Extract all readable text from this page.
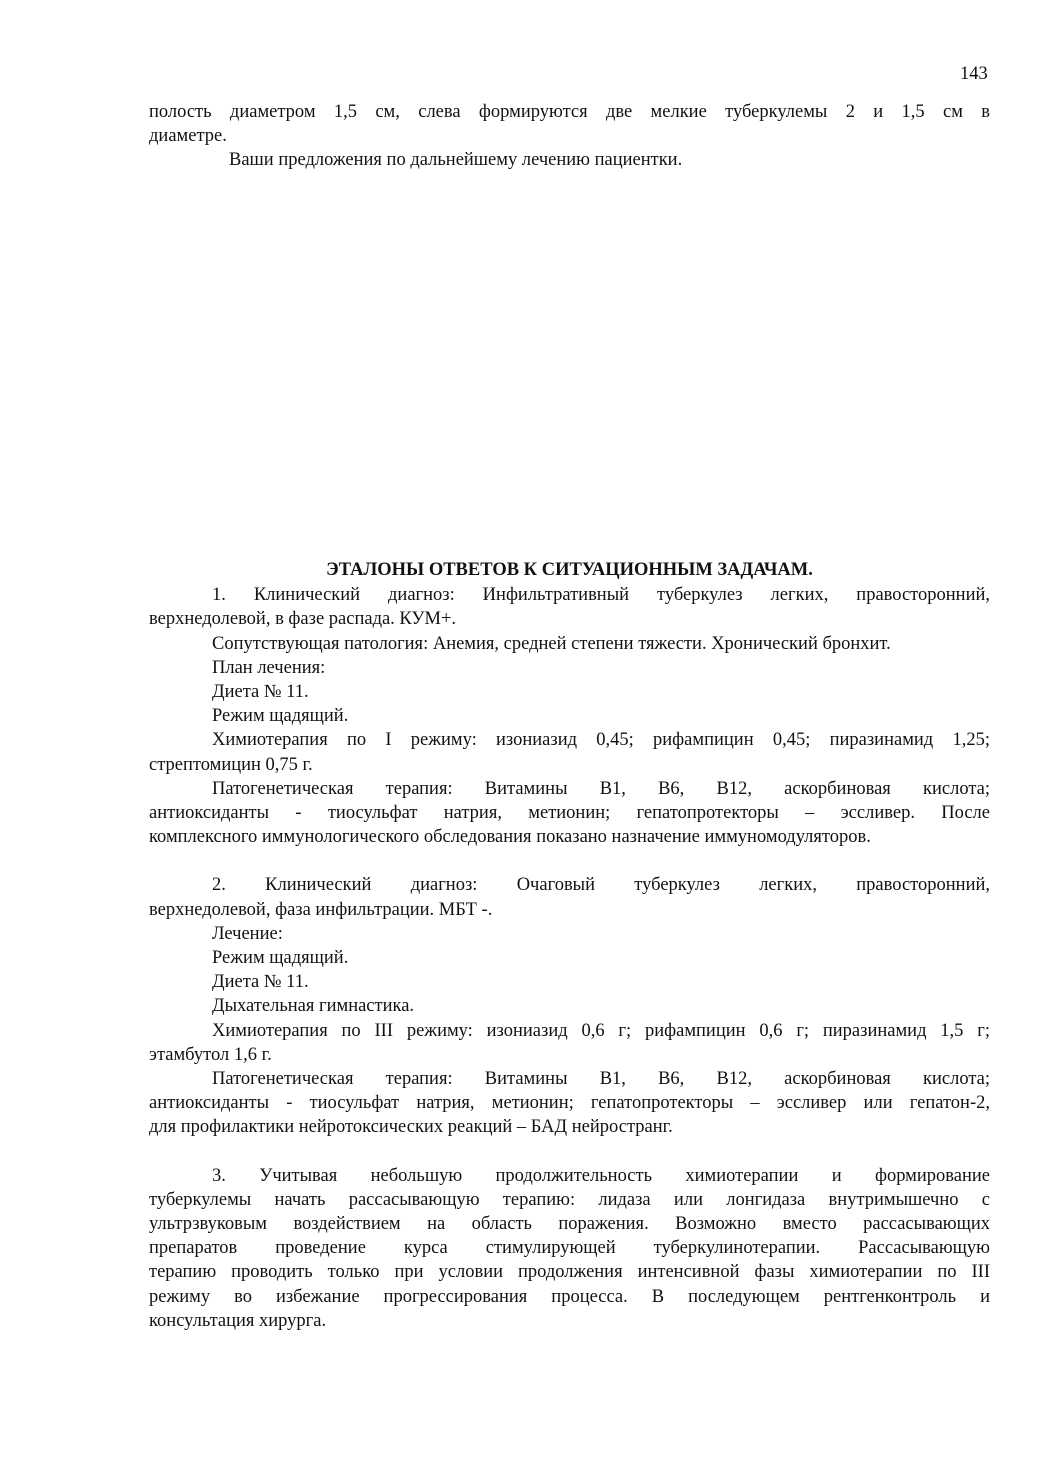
143

полость диаметром 1,5 см, слева формируются две мелкие туберкулемы 2 и 1,5 см в

диаметре.

Ваши предложения по дальнейшему лечению пациентки.

ЭТАЛОНЫ ОТВЕТОВ К СИТУАЦИОННЫМ ЗАДАЧАМ.

1. Клинический диагноз: Инфильтративный туберкулез легких, правосторонний,

верхнедолевой, в фазе распада. КУМ+.

Сопутствующая патология: Анемия, средней степени тяжести. Хронический бронхит.

План лечения:

Диета № 11.

Режим щадящий.

Химиотерапия по I режиму: изониазид 0,45; рифампицин 0,45; пиразинамид 1,25;

стрептомицин 0,75 г.

Патогенетическая терапия: Витамины В1, В6, В12, аскорбиновая кислота;

антиоксиданты - тиосульфат натрия, метионин; гепатопротекторы – эссливер. После

комплексного иммунологического обследования показано назначение иммуномодуляторов.

2. Клинический диагноз: Очаговый туберкулез легких, правосторонний,

верхнедолевой, фаза инфильтрации. МБТ -.

Лечение:

Режим щадящий.

Диета № 11.

Дыхательная гимнастика.

Химиотерапия по III режиму: изониазид 0,6 г; рифампицин 0,6 г; пиразинамид 1,5 г;

этамбутол 1,6 г.

Патогенетическая терапия: Витамины В1, В6, В12, аскорбиновая кислота;

антиоксиданты - тиосульфат натрия, метионин; гепатопротекторы – эссливер или гепатон-2,

для профилактики нейротоксических реакций – БАД нейространг.

3. Учитывая небольшую продолжительность химиотерапии и формирование

туберкулемы начать рассасывающую терапию: лидаза или лонгидаза внутримышечно с

ультрзвуковым воздействием на область поражения. Возможно вместо рассасывающих

препаратов проведение курса стимулирующей туберкулинотерапии. Рассасывающую

терапию проводить только при условии продолжения интенсивной фазы химиотерапии по III

режиму во избежание прогрессирования процесса. В последующем рентгенконтроль и

консультация хирурга.
